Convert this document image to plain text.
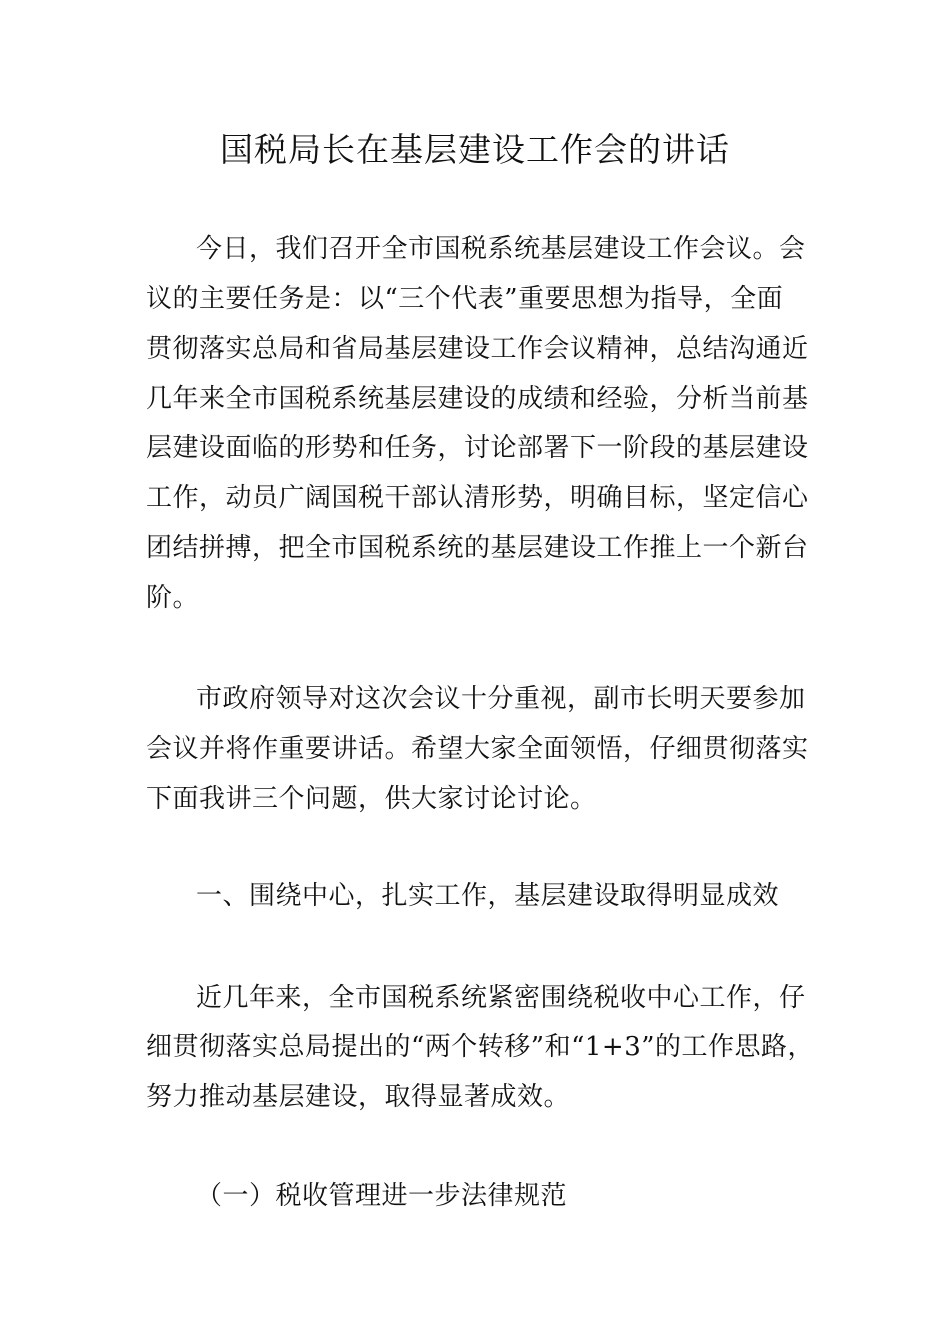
国税局长在基层建设工作会的讲话
今日，我们召开全市国税系统基层建设工作会议。会
议的主要任务是：以“三个代表”重要思想为指导，全面
贯彻落实总局和省局基层建设工作会议精神，总结沟通近
几年来全市国税系统基层建设的成绩和经验，分析当前基
层建设面临的形势和任务，讨论部署下一阶段的基层建设
工作，动员广阔国税干部认清形势，明确目标，坚定信心
团结拼搏，把全市国税系统的基层建设工作推上一个新台
阶。
市政府领导对这次会议十分重视，副市长明天要参加
会议并将作重要讲话。希望大家全面领悟，仔细贯彻落实
下面我讲三个问题，供大家讨论讨论。
一、围绕中心，扎实工作，基层建设取得明显成效
近几年来，全市国税系统紧密围绕税收中心工作，仔
细贯彻落实总局提出的“两个转移”和“1+3”的工作思路，
努力推动基层建设，取得显著成效。
（一）税收管理进一步法律规范
